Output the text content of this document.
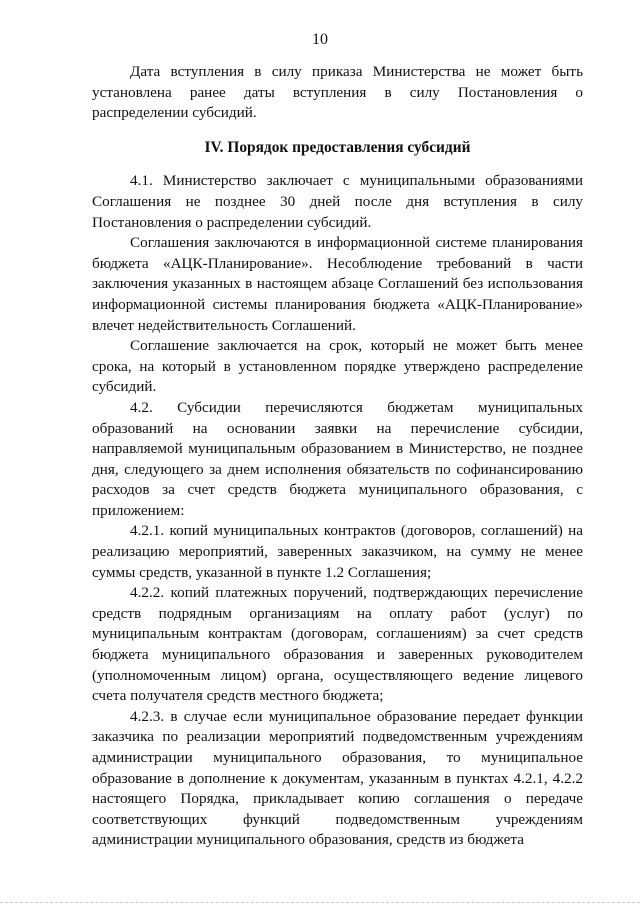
10

Дата вступления в силу приказа Министерства не может быть установлена ранее даты вступления в силу Постановления о распределении субсидий.

IV. Порядок предоставления субсидий

4.1. Министерство заключает с муниципальными образованиями Соглашения не позднее 30 дней после дня вступления в силу Постановления о распределении субсидий.

Соглашения заключаются в информационной системе планирования бюджета «АЦК-Планирование». Несоблюдение требований в части заключения указанных в настоящем абзаце Соглашений без использования информационной системы планирования бюджета «АЦК-Планирование» влечет недействительность Соглашений.

Соглашение заключается на срок, который не может быть менее срока, на который в установленном порядке утверждено распределение субсидий.

4.2. Субсидии перечисляются бюджетам муниципальных образований на основании заявки на перечисление субсидии, направляемой муниципальным образованием в Министерство, не позднее дня, следующего за днем исполнения обязательств по софинансированию расходов за счет средств бюджета муниципального образования, с приложением:

4.2.1. копий муниципальных контрактов (договоров, соглашений) на реализацию мероприятий, заверенных заказчиком, на сумму не менее суммы средств, указанной в пункте 1.2 Соглашения;

4.2.2. копий платежных поручений, подтверждающих перечисление средств подрядным организациям на оплату работ (услуг) по муниципальным контрактам (договорам, соглашениям) за счет средств бюджета муниципального образования и заверенных руководителем (уполномоченным лицом) органа, осуществляющего ведение лицевого счета получателя средств местного бюджета;

4.2.3. в случае если муниципальное образование передает функции заказчика по реализации мероприятий подведомственным учреждениям администрации муниципального образования, то муниципальное образование в дополнение к документам, указанным в пунктах 4.2.1, 4.2.2 настоящего Порядка, прикладывает копию соглашения о передаче соответствующих функций подведомственным учреждениям администрации муниципального образования, средств из бюджета
